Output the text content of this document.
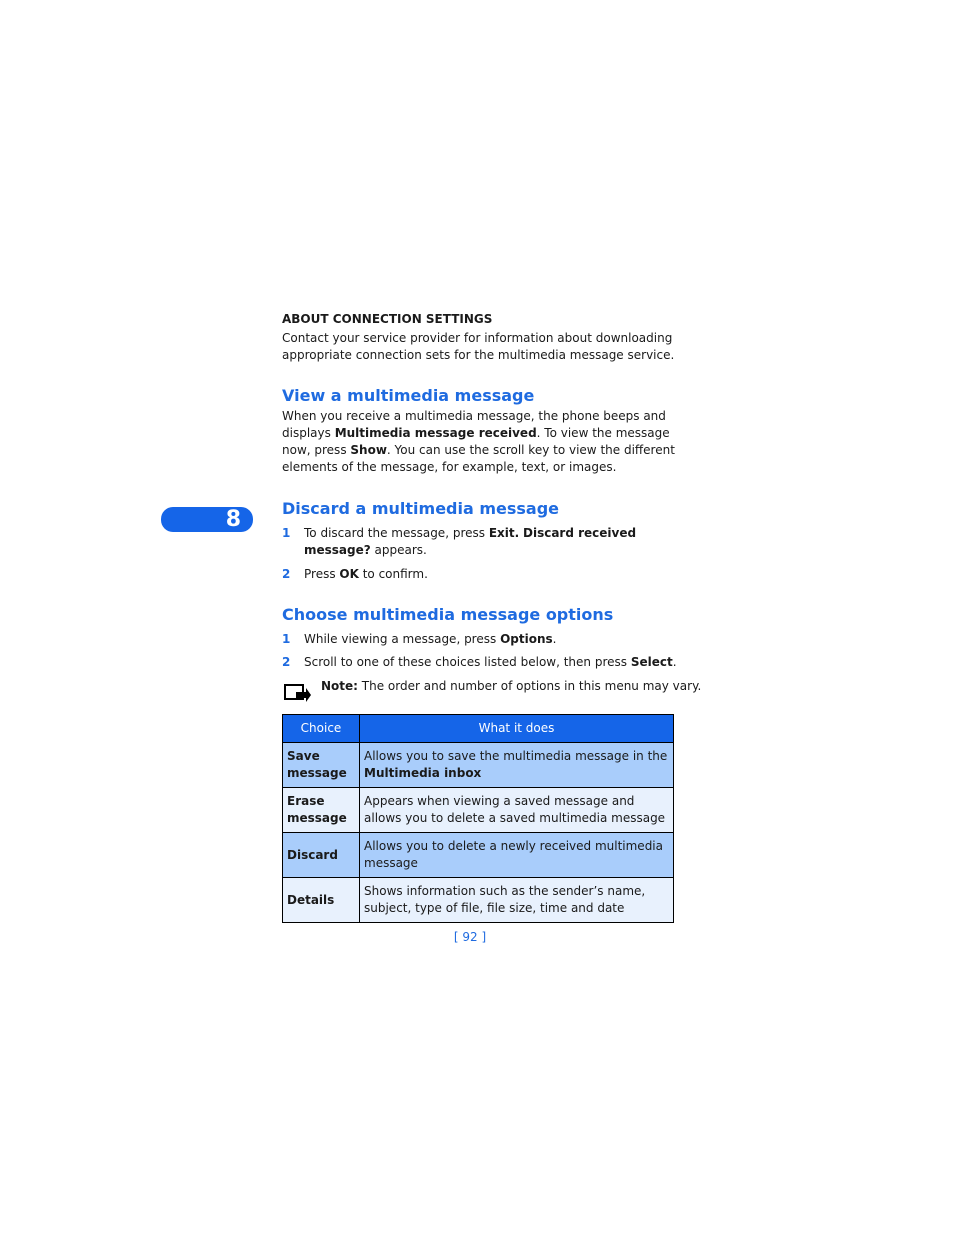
ABOUT CONNECTION SETTINGS
Contact your service provider for information about downloading appropriate connection sets for the multimedia message service.
View a multimedia message
When you receive a multimedia message, the phone beeps and displays Multimedia message received. To view the message now, press Show. You can use the scroll key to view the different elements of the message, for example, text, or images.
8	Discard a multimedia message
1 To discard the message, press Exit. Discard received message? appears.
2 Press OK to confirm.
Choose multimedia message options
1 While viewing a message, press Options.
2 Scroll to one of these choices listed below, then press Select.
Note: The order and number of options in this menu may vary.
Choice	What it does
Save message	Allows you to save the multimedia message in the Multimedia inbox
Erase message	Appears when viewing a saved message and allows you to delete a saved multimedia message
Discard	Allows you to delete a newly received multimedia message
Details	Shows information such as the sender’s name, subject, type of file, file size, time and date
[ 92 ]
